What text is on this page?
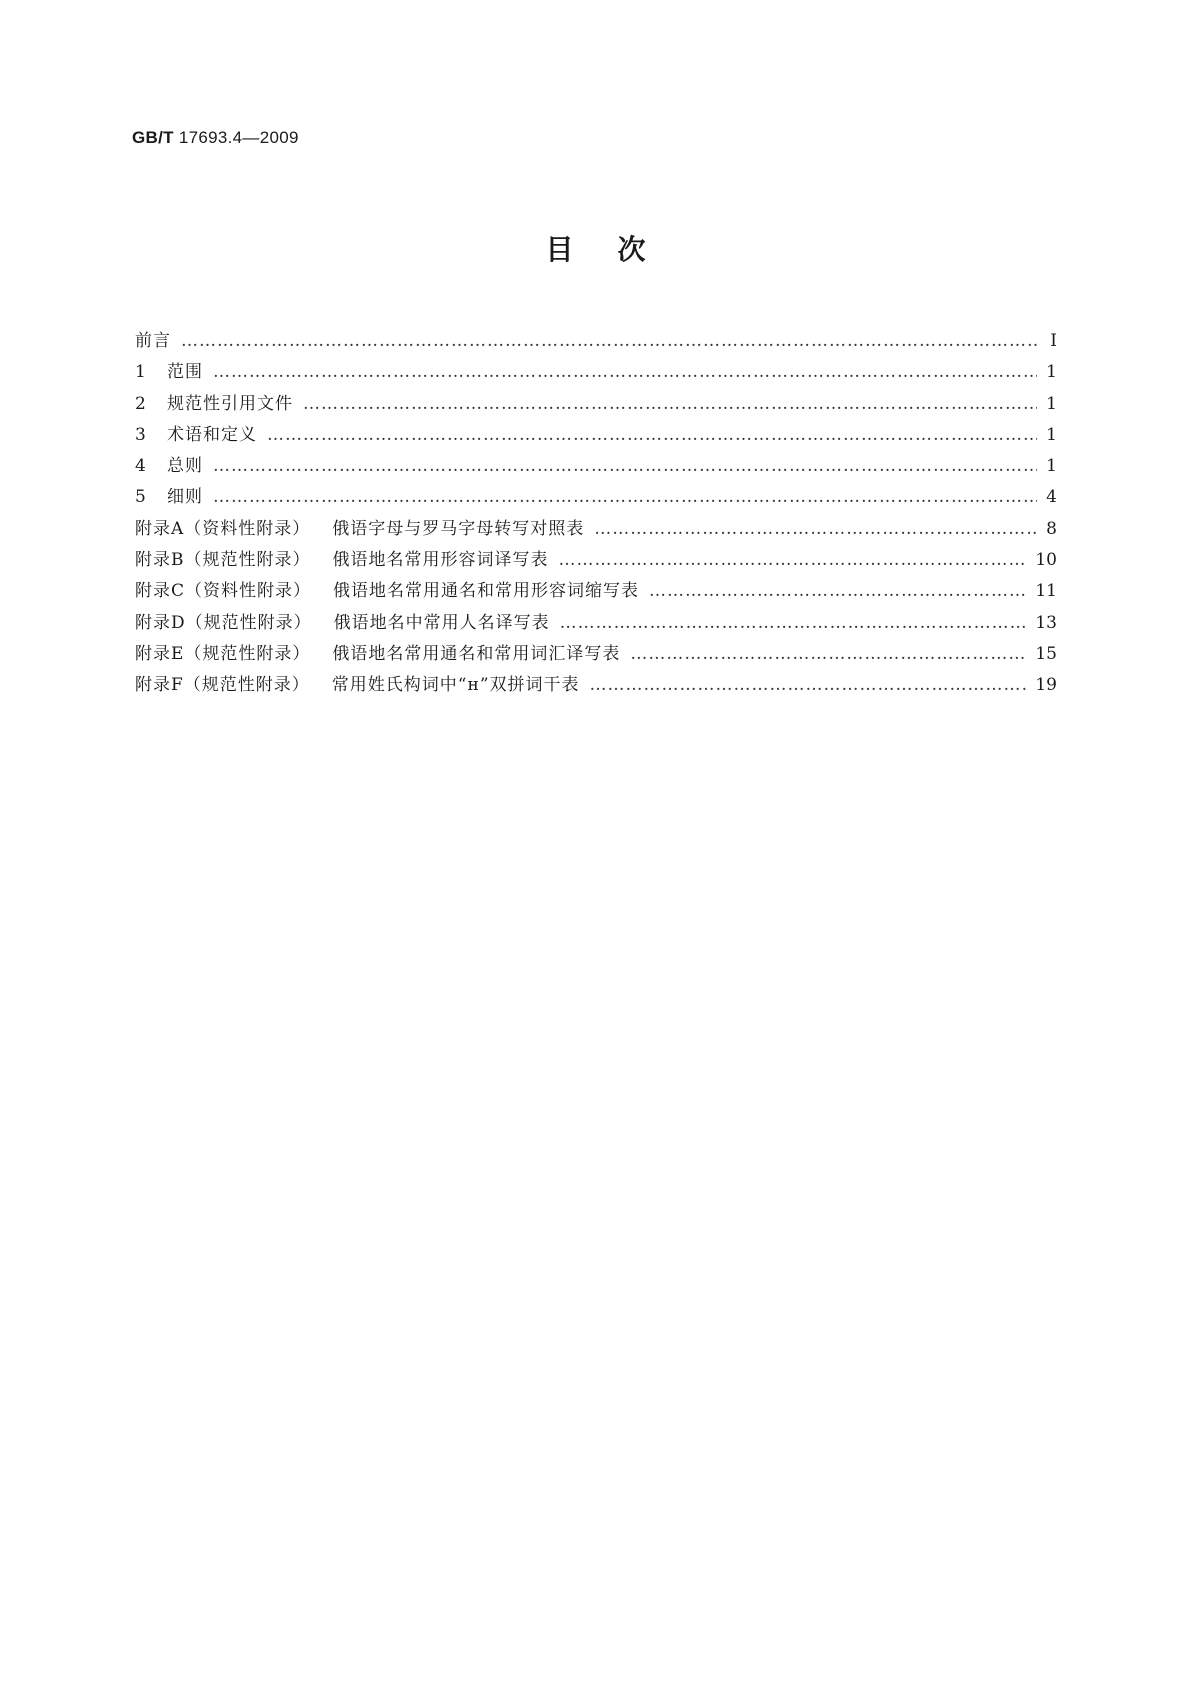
GB/T 17693.4—2009
目次
前言 ……………………………………………………………………………………………………………………………………………………………………………………	Ⅰ
1	范围 ……………………………………………………………………………………………………………………………………………………………………………………	1
2	规范性引用文件 ……………………………………………………………………………………………………………………………………………………………………………………	1
3	术语和定义 ……………………………………………………………………………………………………………………………………………………………………………………	1
4	总则 ……………………………………………………………………………………………………………………………………………………………………………………	1
5	细则 ……………………………………………………………………………………………………………………………………………………………………………………	4
附录A（资料性附录） 俄语字母与罗马字母转写对照表 ……………………………………………………………………………………………………………………………………………………………………………………	8
附录B（规范性附录） 俄语地名常用形容词译写表 ……………………………………………………………………………………………………………………………………………………………………………………	10
附录C（资料性附录） 俄语地名常用通名和常用形容词缩写表 ……………………………………………………………………………………………………………………………………………………………………………………	11
附录D（规范性附录） 俄语地名中常用人名译写表 ……………………………………………………………………………………………………………………………………………………………………………………	13
附录E（规范性附录） 俄语地名常用通名和常用词汇译写表 ……………………………………………………………………………………………………………………………………………………………………………………	15
附录F（规范性附录） 常用姓氏构词中“н”双拼词干表 ……………………………………………………………………………………………………………………………………………………………………………………	19
